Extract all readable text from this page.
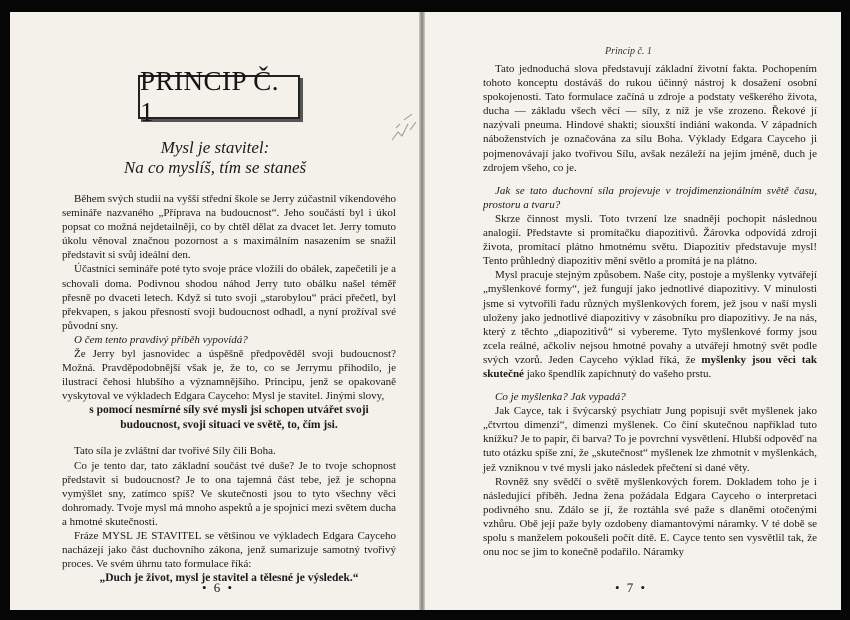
PRINCIP Č. 1
Mysl je stavitel:
Na co myslíš, tím se staneš

Během svých studií na vyšší střední škole se Jerry zúčastnil víkendového semináře nazvaného „Příprava na budoucnost“. Jeho součástí byl i úkol popsat co možná nejdetailněji, co by chtěl dělat za dvacet let. Jerry tomuto úkolu věnoval značnou pozornost a s maximálním nasazením se snažil představit si svůj ideální den.

Účastníci semináře poté tyto svoje práce vložili do obálek, zapečetili je a schovali doma. Podivnou shodou náhod Jerry tuto obálku našel téměř přesně po dvaceti letech. Když si tuto svoji „starobylou“ práci přečetl, byl překvapen, s jakou přesností svoji budoucnost odhadl, a nyní prožíval své původní sny.

O čem tento pravdivý příběh vypovídá?

Že Jerry byl jasnovidec a úspěšně předpověděl svoji budoucnost? Možná. Pravděpodobnější však je, že to, co se Jerrymu přihodilo, je ilustrací čehosi hlubšího a významnějšího. Principu, jenž se opakovaně vyskytoval ve výkladech Edgara Cayceho: Mysl je stavitel. Jinými slovy,

s pomocí nesmírné síly své mysli jsi schopen utvářet svoji budoucnost, svoji situaci ve světě, to, čím jsi.

Tato síla je zvláštní dar tvořivé Síly čili Boha.

Co je tento dar, tato základní součást tvé duše? Je to tvoje schopnost představit si budoucnost? Je to ona tajemná část tebe, jež je schopna vymýšlet sny, zatímco spíš? Ve skutečnosti jsou to tyto všechny věci dohromady. Tvoje mysl má mnoho aspektů a je spojnicí mezi světem ducha a hmotné skutečnosti.

Fráze MYSL JE STAVITEL se většinou ve výkladech Edgara Cayceho nacházejí jako část duchovního zákona, jenž sumarizuje samotný tvořivý proces. Ve svém úhrnu tato formulace říká:

„Duch je život, mysl je stavitel a tělesné je výsledek.“

• 6 •
Princip č. 1

Tato jednoduchá slova představují základní životní fakta. Pochopením tohoto konceptu dostáváš do rukou účinný nástroj k dosažení osobní spokojenosti. Tato formulace začíná u zdroje a podstaty veškerého života, ducha — základu všech věcí — síly, z níž je vše zrozeno. Řekové jí nazývali pneuma. Hindové shakti; siouxští indiáni wakonda. V západních náboženstvích je označována za sílu Boha. Výklady Edgara Cayceho ji pojmenovávají jako tvořivou Sílu, avšak nezáleží na jejím jméně, duch je zdrojem všeho, co je.

Jak se tato duchovní síla projevuje v trojdimenzionálním světě času, prostoru a tvaru?

Skrze činnost mysli. Toto tvrzení lze snadněji pochopit následnou analogií. Představte si promítačku diapozitivů. Žárovka odpovídá zdroji života, promítací plátno hmotnému světu. Diapozitiv představuje mysl! Tento průhledný diapozitiv mění světlo a promítá je na plátno.

Mysl pracuje stejným způsobem. Naše city, postoje a myšlenky vytvářejí „myšlenkové formy“, jež fungují jako jednotlivé diapozitivy. V minulosti jsme si vytvořili řadu různých myšlenkových forem, jež jsou v naší mysli uloženy jako jednotlivé diapozitivy v zásobníku pro diapozitivy. Je na nás, který z těchto „diapozitivů“ si vybereme. Tyto myšlenkové formy jsou zcela reálné, ačkoliv nejsou hmotné povahy a utvářejí hmotný svět podle svých vzorů. Jeden Cayceho výklad říká, že myšlenky jsou věci tak skutečné jako špendlík zapíchnutý do vašeho prstu.

Co je myšlenka? Jak vypadá?

Jak Cayce, tak i švýcarský psychiatr Jung popisují svět myšlenek jako „čtvrtou dimenzi“, dimenzi myšlenek. Co činí skutečnou například tuto knížku? Je to papír, či barva? To je povrchní vysvětlení. Hlubší odpověď na tuto otázku spíše zní, že „skutečnost“ myšlenek lze zhmotnit v myšlenkách, jež vzniknou v tvé mysli jako následek přečtení si dané věty.

Rovněž sny svědčí o světě myšlenkových forem. Dokladem toho je i následující příběh. Jedna žena požádala Edgara Cayceho o interpretaci podivného snu. Zdálo se jí, že roztáhla své paže s dlaněmi otočenými vzhůru. Obě její paže byly ozdobeny diamantovými náramky. V té době se spolu s manželem pokoušeli počít dítě. E. Cayce tento sen vysvětlil tak, že onu noc se jim to konečně podařilo. Náramky

• 7 •
